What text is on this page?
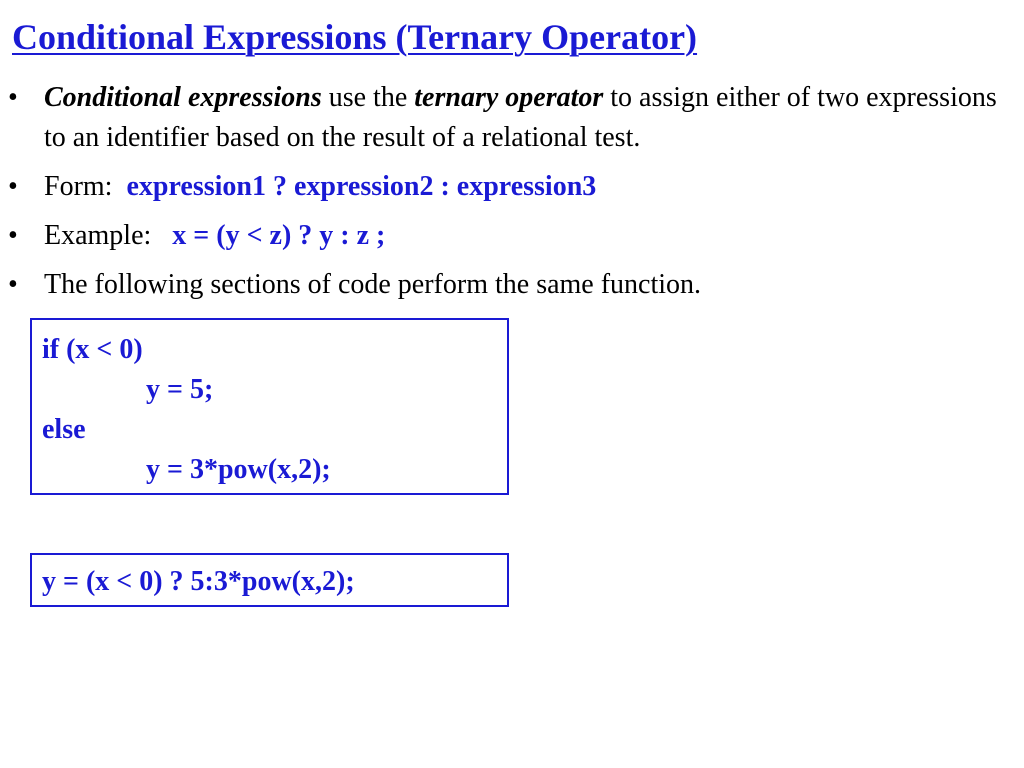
Conditional Expressions (Ternary Operator)
• Conditional expressions use the ternary operator to assign either of two expressions to an identifier based on the result of a relational test.
• Form: expression1 ? expression2 : expression3
• Example: x = (y < z) ? y : z ;
• The following sections of code perform the same function.
if (x < 0)
y = 5;
else
y = 3*pow(x,2);
y = (x < 0) ? 5:3*pow(x,2);
